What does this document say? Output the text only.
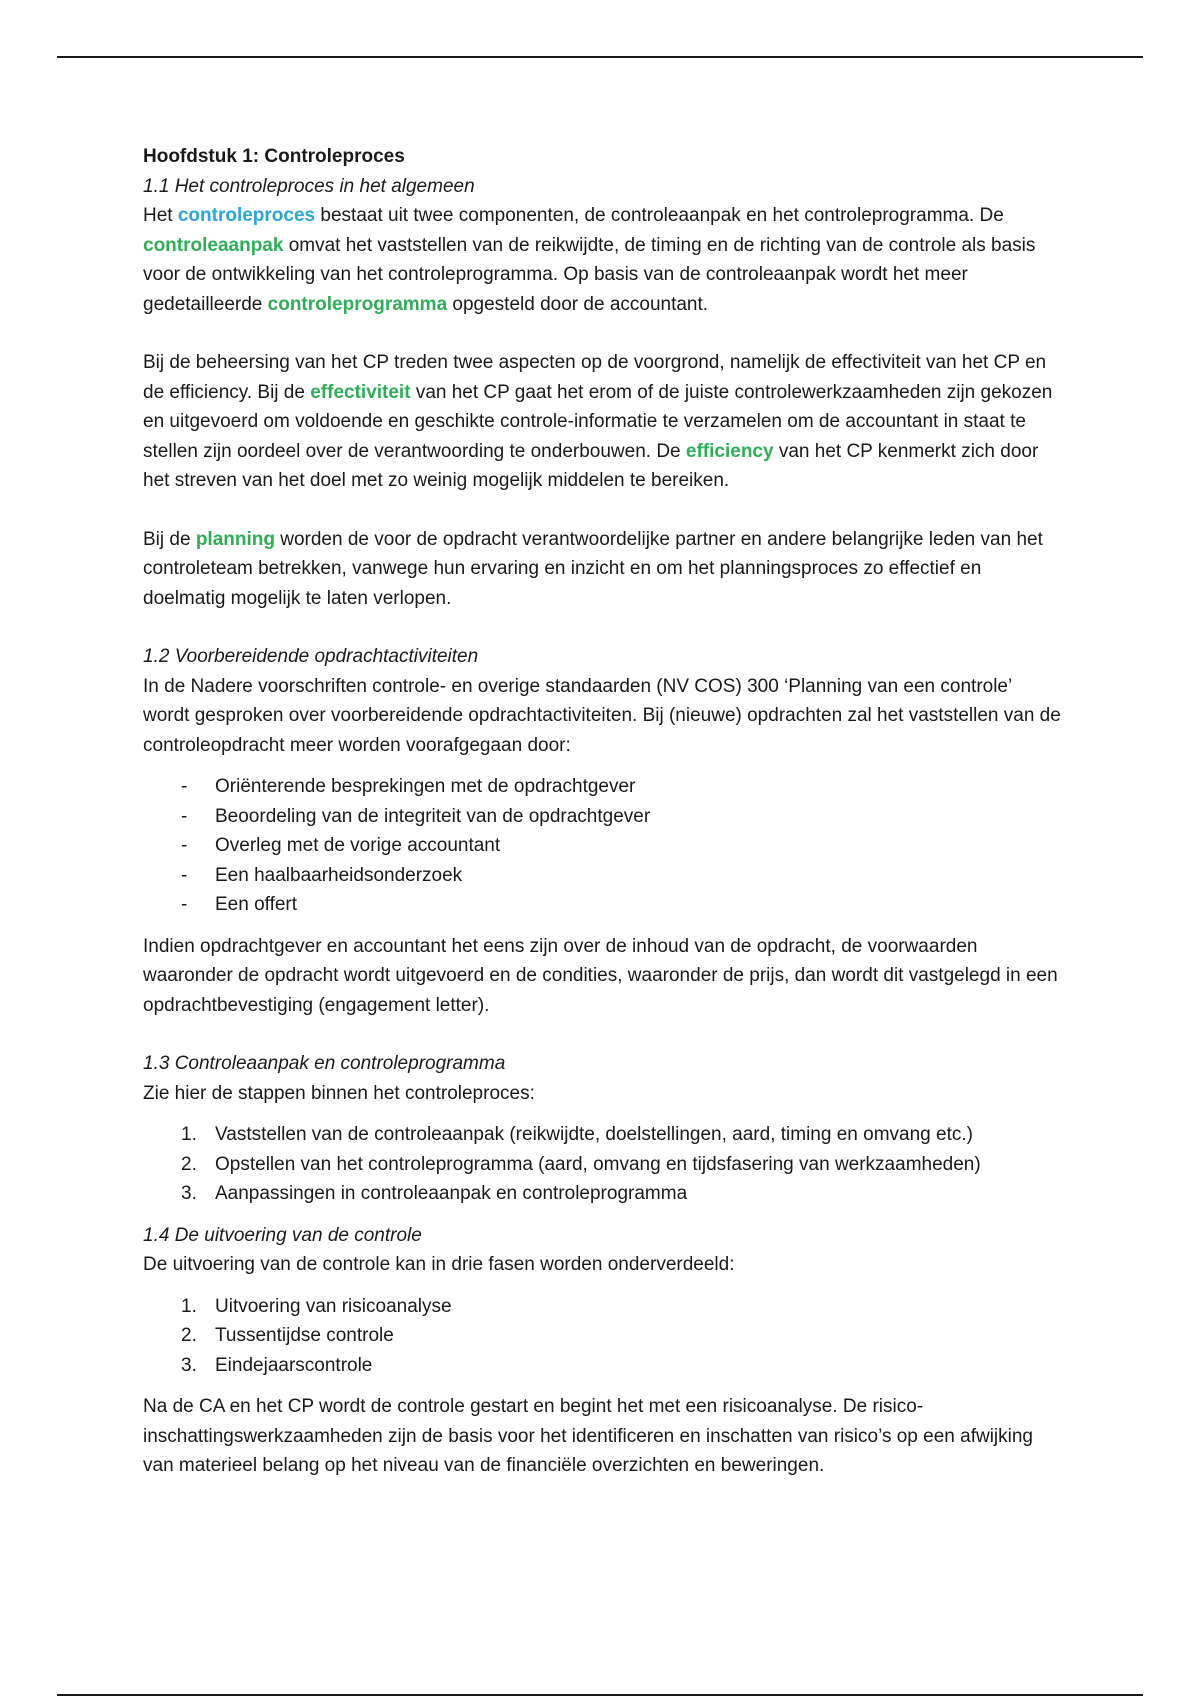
Hoofdstuk 1: Controleproces

1.1 Het controleproces in het algemeen

Het controleproces bestaat uit twee componenten, de controleaanpak en het controleprogramma. De controleaanpak omvat het vaststellen van de reikwijdte, de timing en de richting van de controle als basis voor de ontwikkeling van het controleprogramma. Op basis van de controleaanpak wordt het meer gedetailleerde controleprogramma opgesteld door de accountant.

Bij de beheersing van het CP treden twee aspecten op de voorgrond, namelijk de effectiviteit van het CP en de efficiency. Bij de effectiviteit van het CP gaat het erom of de juiste controlewerkzaamheden zijn gekozen en uitgevoerd om voldoende en geschikte controle-informatie te verzamelen om de accountant in staat te stellen zijn oordeel over de verantwoording te onderbouwen. De efficiency van het CP kenmerkt zich door het streven van het doel met zo weinig mogelijk middelen te bereiken.

Bij de planning worden de voor de opdracht verantwoordelijke partner en andere belangrijke leden van het controleteam betrekken, vanwege hun ervaring en inzicht en om het planningsproces zo effectief en doelmatig mogelijk te laten verlopen.

1.2 Voorbereidende opdrachtactiviteiten

In de Nadere voorschriften controle- en overige standaarden (NV COS) 300 ‘Planning van een controle’ wordt gesproken over voorbereidende opdrachtactiviteiten. Bij (nieuwe) opdrachten zal het vaststellen van de controleopdracht meer worden voorafgegaan door:

- Oriënterende besprekingen met de opdrachtgever
- Beoordeling van de integriteit van de opdrachtgever
- Overleg met de vorige accountant
- Een haalbaarheidsonderzoek
- Een offert

Indien opdrachtgever en accountant het eens zijn over de inhoud van de opdracht, de voorwaarden waaronder de opdracht wordt uitgevoerd en de condities, waaronder de prijs, dan wordt dit vastgelegd in een opdrachtbevestiging (engagement letter).

1.3 Controleaanpak en controleprogramma

Zie hier de stappen binnen het controleproces:

1. Vaststellen van de controleaanpak (reikwijdte, doelstellingen, aard, timing en omvang etc.)
2. Opstellen van het controleprogramma (aard, omvang en tijdsfasering van werkzaamheden)
3. Aanpassingen in controleaanpak en controleprogramma

1.4 De uitvoering van de controle

De uitvoering van de controle kan in drie fasen worden onderverdeeld:

1. Uitvoering van risicoanalyse
2. Tussentijdse controle
3. Eindejaarscontrole

Na de CA en het CP wordt de controle gestart en begint het met een risicoanalyse. De risico-inschattingswerkzaamheden zijn de basis voor het identificeren en inschatten van risico’s op een afwijking van materieel belang op het niveau van de financiële overzichten en beweringen.
